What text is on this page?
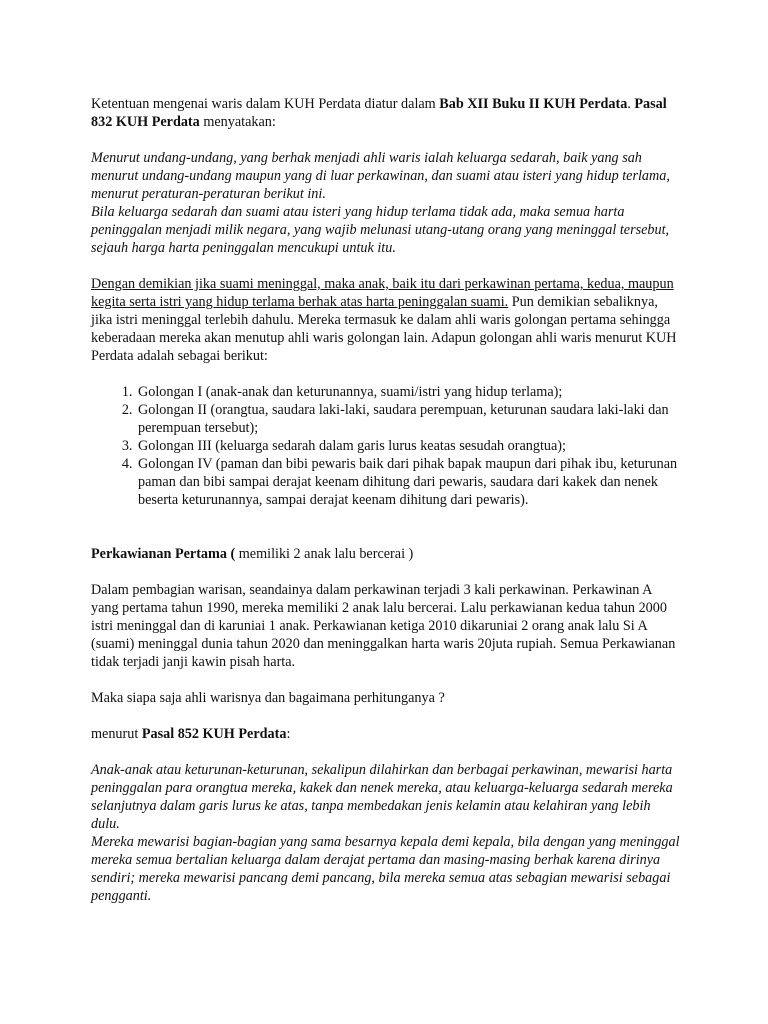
Ketentuan mengenai waris dalam KUH Perdata diatur dalam Bab XII Buku II KUH Perdata. Pasal 832 KUH Perdata menyatakan:

Menurut undang-undang, yang berhak menjadi ahli waris ialah keluarga sedarah, baik yang sah menurut undang-undang maupun yang di luar perkawinan, dan suami atau isteri yang hidup terlama, menurut peraturan-peraturan berikut ini.

Bila keluarga sedarah dan suami atau isteri yang hidup terlama tidak ada, maka semua harta peninggalan menjadi milik negara, yang wajib melunasi utang-utang orang yang meninggal tersebut, sejauh harga harta peninggalan mencukupi untuk itu.

Dengan demikian jika suami meninggal, maka anak, baik itu dari perkawinan pertama, kedua, maupun kegita serta istri yang hidup terlama berhak atas harta peninggalan suami. Pun demikian sebaliknya, jika istri meninggal terlebih dahulu. Mereka termasuk ke dalam ahli waris golongan pertama sehingga keberadaan mereka akan menutup ahli waris golongan lain. Adapun golongan ahli waris menurut KUH Perdata adalah sebagai berikut:

1. Golongan I (anak-anak dan keturunannya, suami/istri yang hidup terlama);
2. Golongan II (orangtua, saudara laki-laki, saudara perempuan, keturunan saudara laki-laki dan perempuan tersebut);
3. Golongan III (keluarga sedarah dalam garis lurus keatas sesudah orangtua);
4. Golongan IV (paman dan bibi pewaris baik dari pihak bapak maupun dari pihak ibu, keturunan paman dan bibi sampai derajat keenam dihitung dari pewaris, saudara dari kakek dan nenek beserta keturunannya, sampai derajat keenam dihitung dari pewaris).

Perkawianan Pertama ( memiliki 2 anak lalu bercerai )

Dalam pembagian warisan, seandainya dalam perkawinan terjadi 3 kali perkawinan. Perkawinan A yang pertama tahun 1990, mereka memiliki 2 anak lalu bercerai. Lalu perkawianan kedua tahun 2000 istri meninggal dan di karuniai 1 anak. Perkawianan ketiga 2010 dikaruniai 2 orang anak lalu Si A (suami) meninggal dunia tahun 2020 dan meninggalkan harta waris 20juta rupiah. Semua Perkawianan tidak terjadi janji kawin pisah harta.

Maka siapa saja ahli warisnya dan bagaimana perhitunganya ?

menurut Pasal 852 KUH Perdata:

Anak-anak atau keturunan-keturunan, sekalipun dilahirkan dan berbagai perkawinan, mewarisi harta peninggalan para orangtua mereka, kakek dan nenek mereka, atau keluarga-keluarga sedarah mereka selanjutnya dalam garis lurus ke atas, tanpa membedakan jenis kelamin atau kelahiran yang lebih dulu.

Mereka mewarisi bagian-bagian yang sama besarnya kepala demi kepala, bila dengan yang meninggal mereka semua bertalian keluarga dalam derajat pertama dan masing-masing berhak karena dirinya sendiri; mereka mewarisi pancang demi pancang, bila mereka semua atas sebagian mewarisi sebagai pengganti.
